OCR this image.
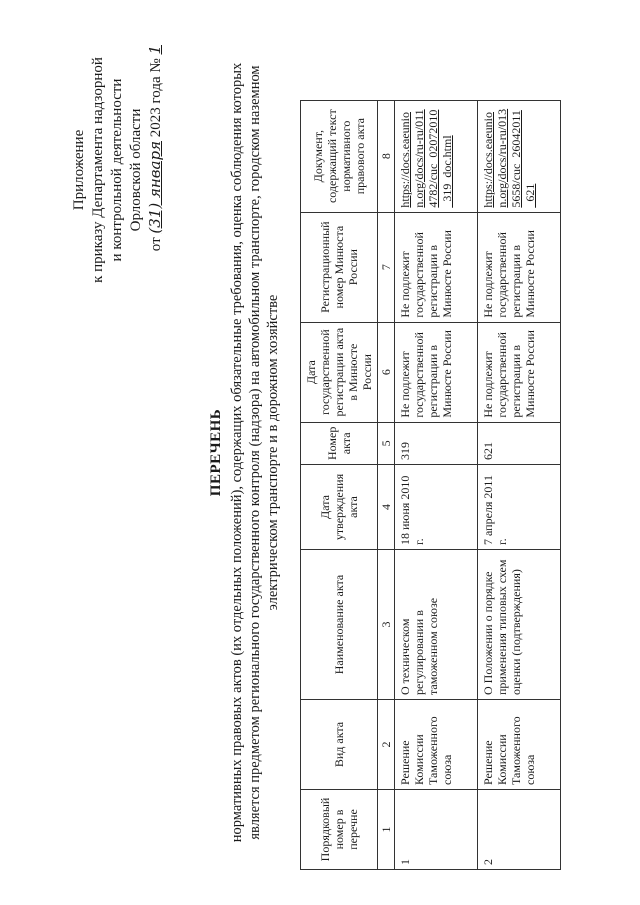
Приложение к приказу Департамента надзорной и контрольной деятельности Орловской области
от (31) января 2023 года № 1
ПЕРЕЧЕНЬ нормативных правовых актов (их отдельных положений), содержащих обязательные требования, оценка соблюдения которых является предметом регионального государственного контроля (надзора) на автомобильном транспорте, городском наземном электрическом транспорте и в дорожном хозяйстве
Порядковый номер в перечне	Вид акта	Наименование акта	Дата утверждения акта	Номер акта	Дата государственной регистрации акта в Минюсте России	Регистрационный номер Минюста России	Документ, содержащий текст нормативного правового акта
1	2	3	4	5	6	7	8
1	Решение Комиссии Таможенного союза	О техническом регулировании в таможенном союзе	18 июня 2010 г.	319	Не подлежит государственной регистрации в Минюсте России	Не подлежит государственной регистрации в Минюсте России	https://docs.eaeunion.org/docs/ru-ru/0114782/cuc_02072010_319_doc.html
2	Решение Комиссии Таможенного союза	О Положении о порядке применения типовых схем оценки (подтверждения)	7 апреля 2011 г.	621	Не подлежит государственной регистрации в Минюсте России	Не подлежит государственной регистрации в Минюсте России	https://docs.eaeunion.org/docs/ru-ru/0135658/cuc_26042011_621
